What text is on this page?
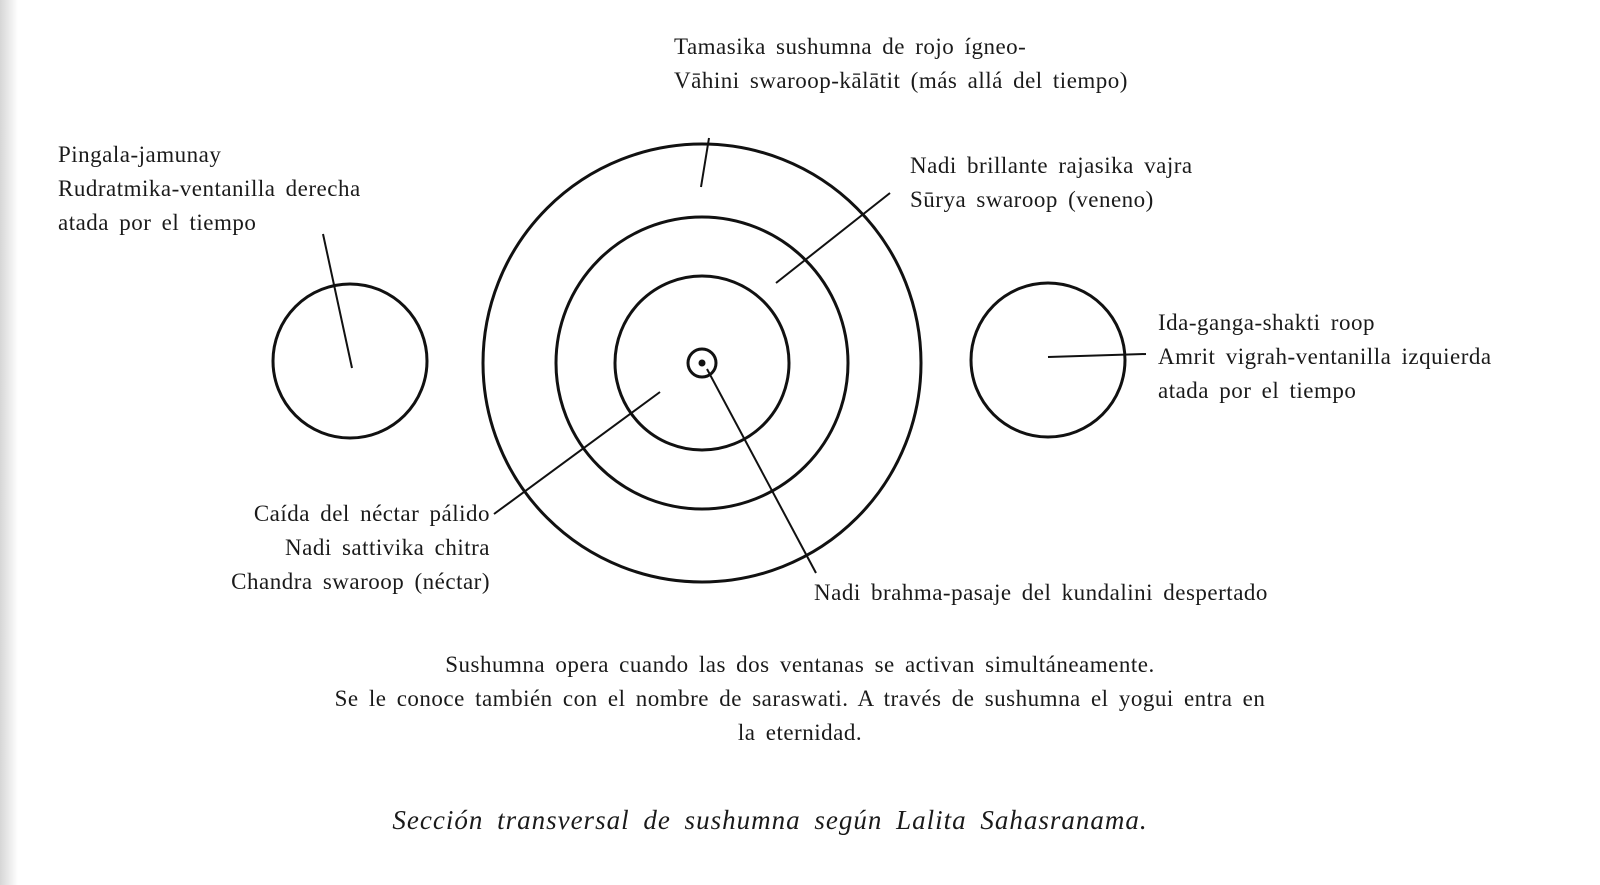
Tamasika sushumna de rojo ígneo-
Vāhini swaroop-kālātit (más allá del tiempo)
Pingala-jamunay
Rudratmika-ventanilla derecha
atada por el tiempo
Nadi brillante rajasika vajra
Sūrya swaroop (veneno)
Ida-ganga-shakti roop
Amrit vigrah-ventanilla izquierda
atada por el tiempo
Caída del néctar pálido
Nadi sattivika chitra
Chandra swaroop (néctar)	Nadi brahma-pasaje del kundalini despertado
Sushumna opera cuando las dos ventanas se activan simultáneamente.
Se le conoce también con el nombre de saraswati. A través de sushumna el yogui entra en
la eternidad.
Sección transversal de sushumna según Lalita Sahasranama.
